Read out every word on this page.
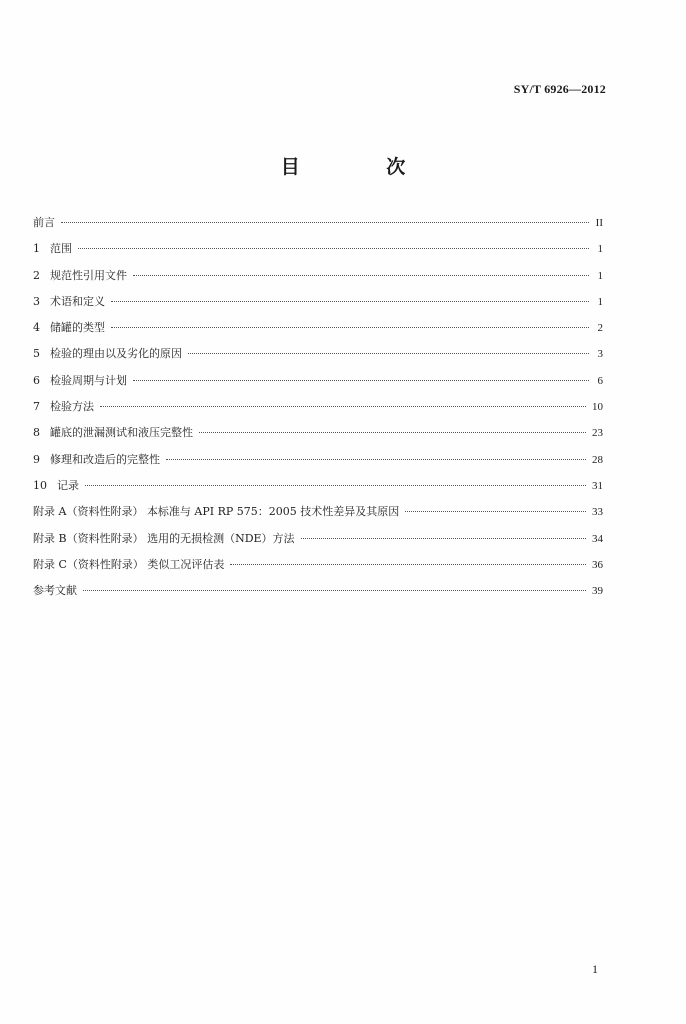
SY/T 6926—2012
目 次
前言	II
1 范围	1
2 规范性引用文件	1
3 术语和定义	1
4 储罐的类型	2
5 检验的理由以及劣化的原因	3
6 检验周期与计划	6
7 检验方法	10
8 罐底的泄漏测试和液压完整性	23
9 修理和改造后的完整性	28
10 记录	31
附录 A（资料性附录） 本标准与 API RP 575：2005 技术性差异及其原因	33
附录 B（资料性附录） 选用的无损检测（NDE）方法	34
附录 C（资料性附录） 类似工况评估表	36
参考文献	39
1
